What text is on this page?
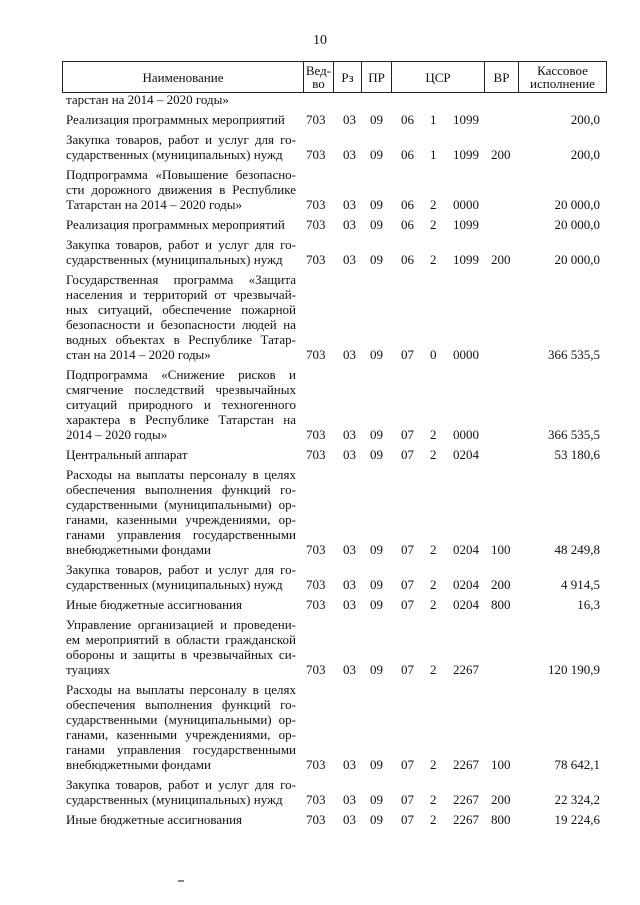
10
Наименование	Вед-
во	Рз	ПР	ЦСР	ВР	Кассовое
исполнение
тарстан на 2014 – 2020 годы»
Реализация программных мероприятий	703 03 09 06 1 1099	200,0
Закупка товаров, работ и услуг для го-
сударственных (муниципальных) нужд	703 03 09 06 1 1099 200	200,0
Подпрограмма «Повышение безопасно-
сти дорожного движения в Республике
Татарстан на 2014 – 2020 годы»	703 03 09 06 2 0000	20 000,0
Реализация программных мероприятий	703 03 09 06 2 1099	20 000,0
Закупка товаров, работ и услуг для го-
сударственных (муниципальных) нужд	703 03 09 06 2 1099 200	20 000,0
Государственная программа «Защита
населения и территорий от чрезвычай-
ных ситуаций, обеспечение пожарной
безопасности и безопасности людей на
водных объектах в Республике Татар-
стан на 2014 – 2020 годы»	703 03 09 07 0 0000	366 535,5
Подпрограмма «Снижение рисков и
смягчение последствий чрезвычайных
ситуаций природного и техногенного
характера в Республике Татарстан на
2014 – 2020 годы»	703 03 09 07 2 0000	366 535,5
Центральный аппарат	703 03 09 07 2 0204	53 180,6
Расходы на выплаты персоналу в целях
обеспечения выполнения функций го-
сударственными (муниципальными) ор-
ганами, казенными учреждениями, ор-
ганами управления государственными
внебюджетными фондами	703 03 09 07 2 0204 100	48 249,8
Закупка товаров, работ и услуг для го-
сударственных (муниципальных) нужд	703 03 09 07 2 0204 200	4 914,5
Иные бюджетные ассигнования	703 03 09 07 2 0204 800	16,3
Управление организацией и проведени-
ем мероприятий в области гражданской
обороны и защиты в чрезвычайных си-
туациях	703 03 09 07 2 2267	120 190,9
Расходы на выплаты персоналу в целях
обеспечения выполнения функций го-
сударственными (муниципальными) ор-
ганами, казенными учреждениями, ор-
ганами управления государственными
внебюджетными фондами	703 03 09 07 2 2267 100	78 642,1
Закупка товаров, работ и услуг для го-
сударственных (муниципальных) нужд	703 03 09 07 2 2267 200	22 324,2
Иные бюджетные ассигнования	703 03 09 07 2 2267 800	19 224,6
